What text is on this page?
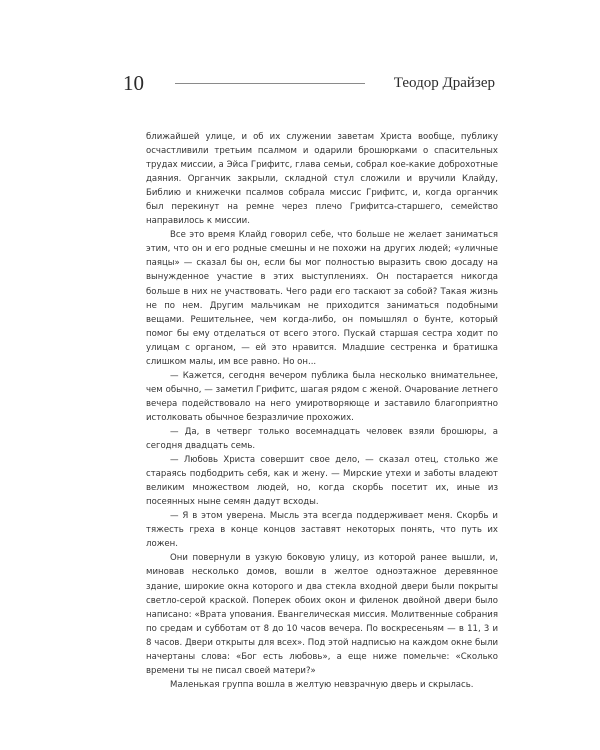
10	Теодор Драйзер

ближайшей улице, и об их служении заветам Христа вообще, публику осчастливили третьим псалмом и одарили брошюрками о спасительных трудах миссии, а Эйса Грифитс, глава семьи, собрал кое-какие доброхотные даяния. Органчик закрыли, складной стул сложили и вручили Клайду, Библию и книжечки псалмов собрала миссис Грифитс, и, когда органчик был перекинут на ремне через плечо Грифитса-старшего, семейство направилось к миссии.

Все это время Клайд говорил себе, что больше не желает заниматься этим, что он и его родные смешны и не похожи на других людей; «уличные паяцы» — сказал бы он, если бы мог полностью выразить свою досаду на вынужденное участие в этих выступлениях. Он постарается никогда больше в них не участвовать. Чего ради его таскают за собой? Такая жизнь не по нем. Другим мальчикам не приходится заниматься подобными вещами. Решительнее, чем когда-либо, он помышлял о бунте, который помог бы ему отделаться от всего этого. Пускай старшая сестра ходит по улицам с органом, — ей это нравится. Младшие сестренка и братишка слишком малы, им все равно. Но он...

— Кажется, сегодня вечером публика была несколько внимательнее, чем обычно, — заметил Грифитс, шагая рядом с женой. Очарование летнего вечера подействовало на него умиротворяюще и заставило благоприятно истолковать обычное безразличие прохожих.

— Да, в четверг только восемнадцать человек взяли брошюры, а сегодня двадцать семь.

— Любовь Христа совершит свое дело, — сказал отец, столько же стараясь подбодрить себя, как и жену. — Мирские утехи и заботы владеют великим множеством людей, но, когда скорбь посетит их, иные из посеянных ныне семян дадут всходы.

— Я в этом уверена. Мысль эта всегда поддерживает меня. Скорбь и тяжесть греха в конце концов заставят некоторых понять, что путь их ложен.

Они повернули в узкую боковую улицу, из которой ранее вышли, и, миновав несколько домов, вошли в желтое одноэтажное деревянное здание, широкие окна которого и два стекла входной двери были покрыты светло-серой краской. Поперек обоих окон и филенок двойной двери было написано: «Врата упования. Евангелическая миссия. Молитвенные собрания по средам и субботам от 8 до 10 часов вечера. По воскресеньям — в 11, 3 и 8 часов. Двери открыты для всех». Под этой надписью на каждом окне были начертаны слова: «Бог есть любовь», а еще ниже помельче: «Сколько времени ты не писал своей матери?»

Маленькая группа вошла в желтую невзрачную дверь и скрылась.
